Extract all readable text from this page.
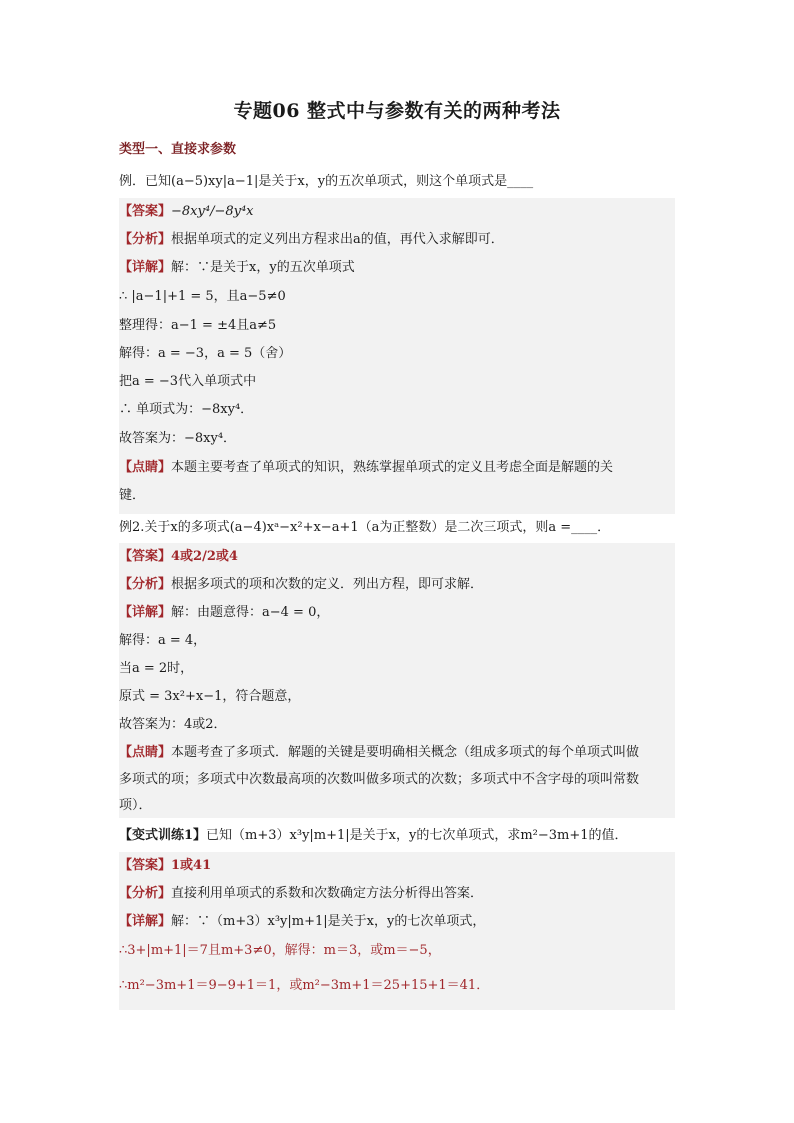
专题06 整式中与参数有关的两种考法
类型一、直接求参数
例．已知(a−5)xy|a−1|是关于x，y的五次单项式，则这个单项式是____
【答案】−8xy⁴/−8y⁴x
【分析】根据单项式的定义列出方程求出a的值，再代入求解即可．
【详解】解：∵是关于x，y的五次单项式
∴ |a−1|+1 = 5，且a−5≠0
整理得：a−1 = ±4且a≠5
解得：a = −3，a = 5（舍）
把a = −3代入单项式中
∴ 单项式为：−8xy⁴．
故答案为：−8xy⁴．
【点睛】本题主要考查了单项式的知识，熟练掌握单项式的定义且考虑全面是解题的关
键．
例2.关于x的多项式(a−4)xᵃ−x²+x−a+1（a为正整数）是二次三项式，则a =____．
【答案】4或2/2或4
【分析】根据多项式的项和次数的定义．列出方程，即可求解．
【详解】解：由题意得：a−4 = 0，
解得：a = 4，
当a = 2时，
原式 = 3x²+x−1，符合题意，
故答案为：4或2．
【点睛】本题考查了多项式．解题的关键是要明确相关概念（组成多项式的每个单项式叫做
多项式的项；多项式中次数最高项的次数叫做多项式的次数；多项式中不含字母的项叫常数
项）．
【变式训练1】已知（m+3）x³y|m+1|是关于x，y的七次单项式，求m²−3m+1的值．
【答案】1或41
【分析】直接利用单项式的系数和次数确定方法分析得出答案．
【详解】解：∵（m+3）x³y|m+1|是关于x，y的七次单项式，
∴3+|m+1|＝7且m+3≠0，解得：m＝3，或m＝−5，
∴m²−3m+1＝9−9+1＝1，或m²−3m+1＝25+15+1＝41．
